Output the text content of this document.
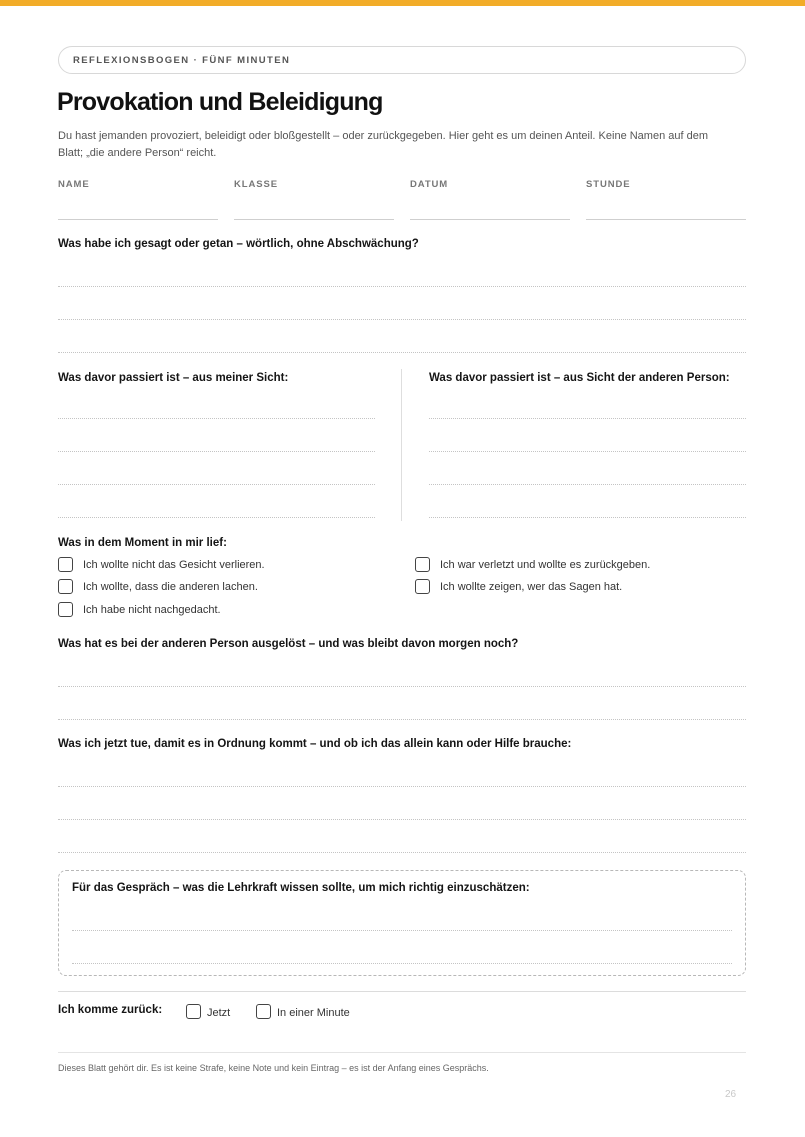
REFLEXIONSBOGEN · FÜNF MINUTEN
Provokation und Beleidigung

Du hast jemanden provoziert, beleidigt oder bloßgestellt – oder zurückgegeben. Hier geht es um deinen Anteil. Keine Namen auf dem Blatt; „die andere Person“ reicht.

NAME	KLASSE	DATUM	STUNDE
Was habe ich gesagt oder getan – wörtlich, ohne Abschwächung?
Was davor passiert ist – aus meiner Sicht:	Was davor passiert ist – aus Sicht der anderen Person:
Was in dem Moment in mir lief:
Ich wollte nicht das Gesicht verlieren.
Ich wollte, dass die anderen lachen.
Ich habe nicht nachgedacht.
Ich war verletzt und wollte es zurückgeben.
Ich wollte zeigen, wer das Sagen hat.
Was hat es bei der anderen Person ausgelöst – und was bleibt davon morgen noch?
Was ich jetzt tue, damit es in Ordnung kommt – und ob ich das allein kann oder Hilfe brauche:
Für das Gespräch – was die Lehrkraft wissen sollte, um mich richtig einzuschätzen:
Ich komme zurück:	Jetzt	In einer Minute
Dieses Blatt gehört dir. Es ist keine Strafe, keine Note und kein Eintrag – es ist der Anfang eines Gesprächs.
26
